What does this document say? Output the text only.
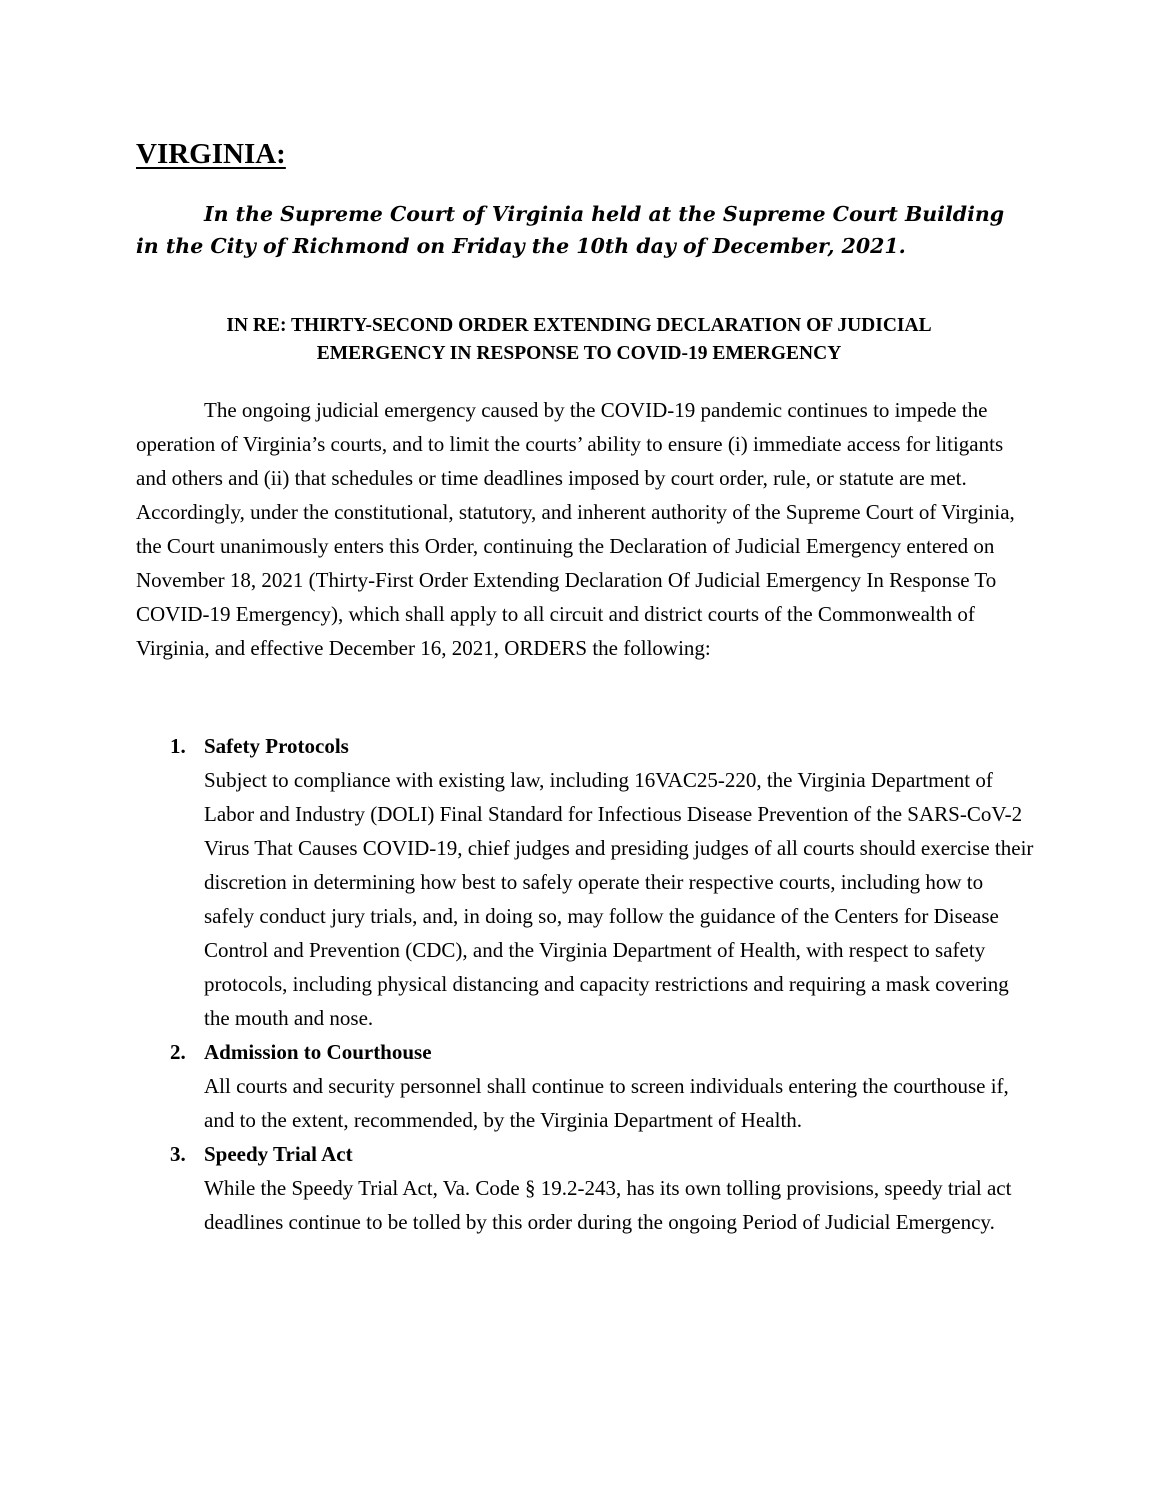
VIRGINIA:

In the Supreme Court of Virginia held at the Supreme Court Building in the City of Richmond on Friday the 10th day of December, 2021.

IN RE: THIRTY-SECOND ORDER EXTENDING DECLARATION OF JUDICIAL
EMERGENCY IN RESPONSE TO COVID-19 EMERGENCY

The ongoing judicial emergency caused by the COVID-19 pandemic continues to impede the operation of Virginia’s courts, and to limit the courts’ ability to ensure (i) immediate access for litigants and others and (ii) that schedules or time deadlines imposed by court order, rule, or statute are met. Accordingly, under the constitutional, statutory, and inherent authority of the Supreme Court of Virginia, the Court unanimously enters this Order, continuing the Declaration of Judicial Emergency entered on November 18, 2021 (Thirty-First Order Extending Declaration Of Judicial Emergency In Response To COVID-19 Emergency), which shall apply to all circuit and district courts of the Commonwealth of Virginia, and effective December 16, 2021, ORDERS the following:

1. Safety Protocols
Subject to compliance with existing law, including 16VAC25-220, the Virginia Department of Labor and Industry (DOLI) Final Standard for Infectious Disease Prevention of the SARS-CoV-2 Virus That Causes COVID-19, chief judges and presiding judges of all courts should exercise their discretion in determining how best to safely operate their respective courts, including how to safely conduct jury trials, and, in doing so, may follow the guidance of the Centers for Disease Control and Prevention (CDC), and the Virginia Department of Health, with respect to safety protocols, including physical distancing and capacity restrictions and requiring a mask covering the mouth and nose.
2. Admission to Courthouse
All courts and security personnel shall continue to screen individuals entering the courthouse if, and to the extent, recommended, by the Virginia Department of Health.
3. Speedy Trial Act
While the Speedy Trial Act, Va. Code § 19.2-243, has its own tolling provisions, speedy trial act deadlines continue to be tolled by this order during the ongoing Period of Judicial Emergency.
